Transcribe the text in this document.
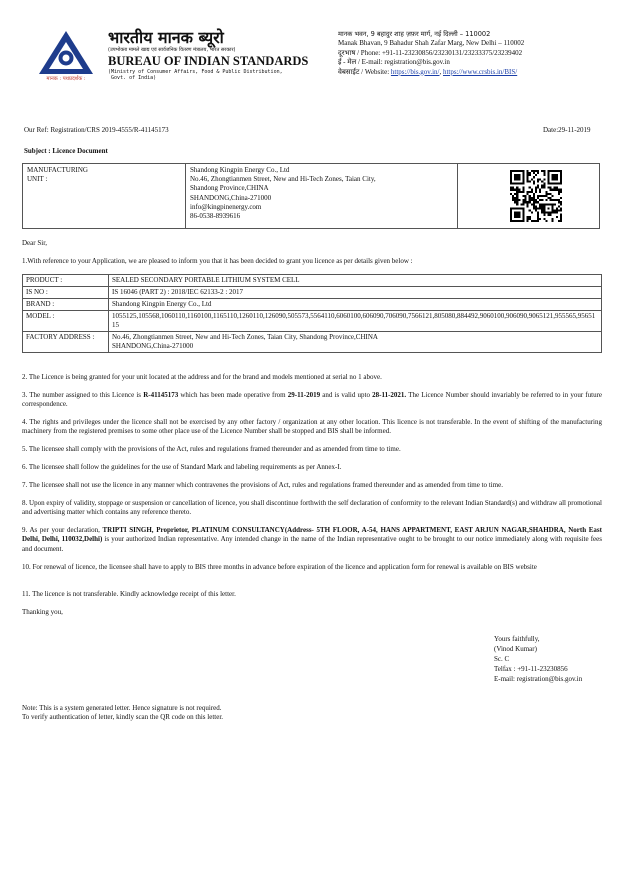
मानक : पथप्रदर्शक :
भारतीय मानक ब्यूरो
(उपभोक्ता मामले खाद्य एवं सार्वजनिक वितरण मंत्रालय, भारत सरकार)
BUREAU OF INDIAN STANDARDS
(Ministry of Consumer Affairs, Food & Public Distribution,
Govt. of India)
मानक भवन, 9 बहादुर शाह ज़फ़र मार्ग, नई दिल्ली – 110002
Manak Bhavan, 9 Bahadur Shah Zafar Marg, New Delhi – 110002
दूरभाष / Phone: +91-11-23230856/23230131/23233375/23239402
ई - मेल / E-mail: registration@bis.gov.in
वेबसाईट / Website: https://bis.gov.in/, https://www.crsbis.in/BIS/
Our Ref: Registration/CRS 2019-4555/R-41145173	Date:29-11-2019
Subject : Licence Document
MANUFACTURING
UNIT :
Shandong Kingpin Energy Co., Ltd
No.46, Zhongtianmen Street, New and Hi-Tech Zones, Taian City,
Shandong Province,CHINA
SHANDONG,China-271000
info@kingpinenergy.com
86-0538-8939616
Dear Sir,
1.With reference to your Application, we are pleased to inform you that it has been decided to grant you licence as per details given below :
PRODUCT :	SEALED SECONDARY PORTABLE LITHIUM SYSTEM CELL
IS NO :	IS 16046 (PART 2) : 2018/IEC 62133-2 : 2017
BRAND :	Shandong Kingpin Energy Co., Ltd
MODEL :	1055125,105568,1060110,1160100,1165110,1260110,126090,505573,5564110,6060100,606090,706090,7566121,805080,884492,9060100,906090,9065121,955565,9565115
FACTORY ADDRESS :	No.46, Zhongtianmen Street, New and Hi-Tech Zones, Taian City, Shandong Province,CHINA
SHANDONG,China-271000
2. The Licence is being granted for your unit located at the address and for the brand and models mentioned at serial no 1 above.
3. The number assigned to this Licence is R-41145173 which has been made operative from 29-11-2019 and is valid upto 28-11-2021. The Licence Number should invariably be referred to in your future correspondence.
4. The rights and privileges under the licence shall not be exercised by any other factory / organization at any other location. This licence is not transferable. In the event of shifting of the manufacturing machinery from the registered premises to some other place use of the Licence Number shall be stopped and BIS shall be informed.
5. The licensee shall comply with the provisions of the Act, rules and regulations framed thereunder and as amended from time to time.
6. The licensee shall follow the guidelines for the use of Standard Mark and labeling requirements as per Annex-I.
7. The licensee shall not use the licence in any manner which contravenes the provisions of Act, rules and regulations framed thereunder and as amended from time to time.
8. Upon expiry of validity, stoppage or suspension or cancellation of licence, you shall discontinue forthwith the self declaration of conformity to the relevant Indian Standard(s) and withdraw all promotional and advertising matter which contains any reference thereto.
9. As per your declaration, TRIPTI SINGH, Proprietor, PLATINUM CONSULTANCY(Address- 5TH FLOOR, A-54, HANS APPARTMENT, EAST ARJUN NAGAR,SHAHDRA, North East Delhi, Delhi, 110032,Delhi) is your authorized Indian representative. Any intended change in the name of the Indian representative ought to be brought to our notice immediately along with requisite fees and document.
10. For renewal of licence, the licensee shall have to apply to BIS three months in advance before expiration of the licence and application form for renewal is available on BIS website
11. The licence is not transferable. Kindly acknowledge receipt of this letter.
Thanking you,
Yours faithfully,
(Vinod Kumar)
Sc. C
Telfax : +91-11-23230856
E-mail: registration@bis.gov.in
Note: This is a system generated letter. Hence signature is not required.
To verify authentication of letter, kindly scan the QR code on this letter.
